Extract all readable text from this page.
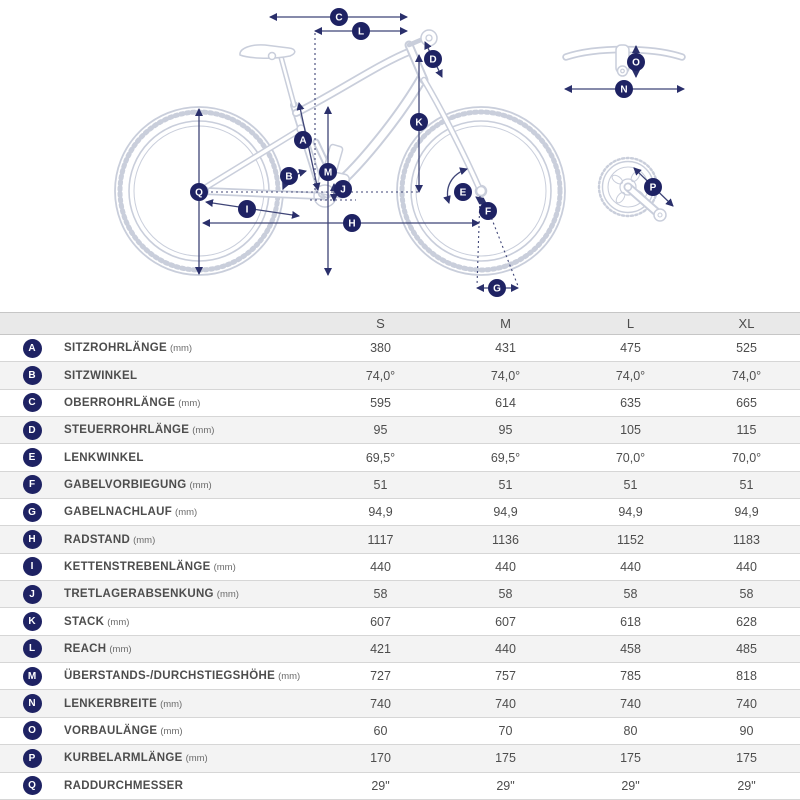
A
B
C
D
E
F
G
H
I
J
K
L
M
N
O
P
Q
S	M	L	XL
A	SITZROHRLÄNGE (mm)	380	431	475	525
B	SITZWINKEL	74,0°	74,0°	74,0°	74,0°
C	OBERROHRLÄNGE (mm)	595	614	635	665
D	STEUERROHRLÄNGE (mm)	95	95	105	115
E	LENKWINKEL	69,5°	69,5°	70,0°	70,0°
F	GABELVORBIEGUNG (mm)	51	51	51	51
G	GABELNACHLAUF (mm)	94,9	94,9	94,9	94,9
H	RADSTAND (mm)	1117	1136	1152	1183
I	KETTENSTREBENLÄNGE (mm)	440	440	440	440
J	TRETLAGERABSENKUNG (mm)	58	58	58	58
K	STACK (mm)	607	607	618	628
L	REACH (mm)	421	440	458	485
M	ÜBERSTANDS-/DURCHSTIEGSHÖHE (mm)	727	757	785	818
N	LENKERBREITE (mm)	740	740	740	740
O	VORBAULÄNGE (mm)	60	70	80	90
P	KURBELARMLÄNGE (mm)	170	175	175	175
Q	RADDURCHMESSER	29"	29"	29"	29"
